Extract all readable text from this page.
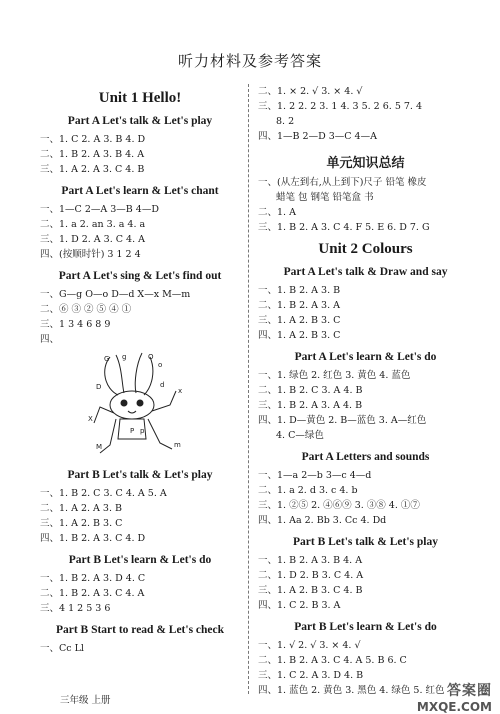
听力材料及参考答案
Unit 1 Hello!
Part A Let's talk & Let's play
一、1. C 2. A 3. B 4. D
二、1. B 2. A 3. B 4. A
三、1. A 2. A 3. C 4. B
Part A Let's learn & Let's chant
一、1—C 2—A 3—B 4—D
二、1. a 2. an 3. a 4. a
三、1. D 2. A 3. C 4. A
四、(按顺时针) 3 1 2 4
Part A Let's sing & Let's find out
一、G—g O—o D—d X—x M—m
二、⑥ ③ ② ⑤ ④ ①
三、1 3 4 6 8 9
四、
G g	O
o
D	d
X
x
M	m
P p
Part B Let's talk & Let's play
一、1. B 2. C 3. C 4. A 5. A
二、1. A 2. A 3. B
三、1. A 2. B 3. C
四、1. B 2. A 3. C 4. D
Part B Let's learn & Let's do
一、1. B 2. A 3. D 4. C
二、1. B 2. A 3. C 4. A
三、4 1 2 5 3 6
Part B Start to read & Let's check
一、Cc Ll
二、1. × 2. √ 3. × 4. √
三、1. 2 2. 2 3. 1 4. 3 5. 2 6. 5 7. 4
8. 2
四、1—B 2—D 3—C 4—A
单元知识总结
一、(从左到右,从上到下)尺子 铅笔 橡皮
蜡笔 包 钢笔 铅笔盒 书
二、1. A
三、1. B 2. A 3. C 4. F 5. E 6. D 7. G
Unit 2 Colours
Part A Let's talk & Draw and say
一、1. B 2. A 3. B
二、1. B 2. A 3. A
三、1. A 2. B 3. C
四、1. A 2. B 3. C
Part A Let's learn & Let's do
一、1. 绿色 2. 红色 3. 黄色 4. 蓝色
二、1. B 2. C 3. A 4. B
三、1. B 2. A 3. A 4. B
四、1. D—黄色 2. B—蓝色 3. A—红色
4. C—绿色
Part A Letters and sounds
一、1—a 2—b 3—c 4—d
二、1. a 2. d 3. c 4. b
三、1. ②⑤ 2. ④⑥⑨ 3. ③⑧ 4. ①⑦
四、1. Aa 2. Bb 3. Cc 4. Dd
Part B Let's talk & Let's play
一、1. B 2. A 3. B 4. A
二、1. D 2. B 3. C 4. A
三、1. A 2. B 3. C 4. B
四、1. C 2. B 3. A
Part B Let's learn & Let's do
一、1. √ 2. √ 3. × 4. √
二、1. B 2. A 3. C 4. A 5. B 6. C
三、1. C 2. A 3. D 4. B
四、1. 蓝色 2. 黄色 3. 黑色 4. 绿色 5. 红色
三年级 上册
答案圈
MXQE.COM
